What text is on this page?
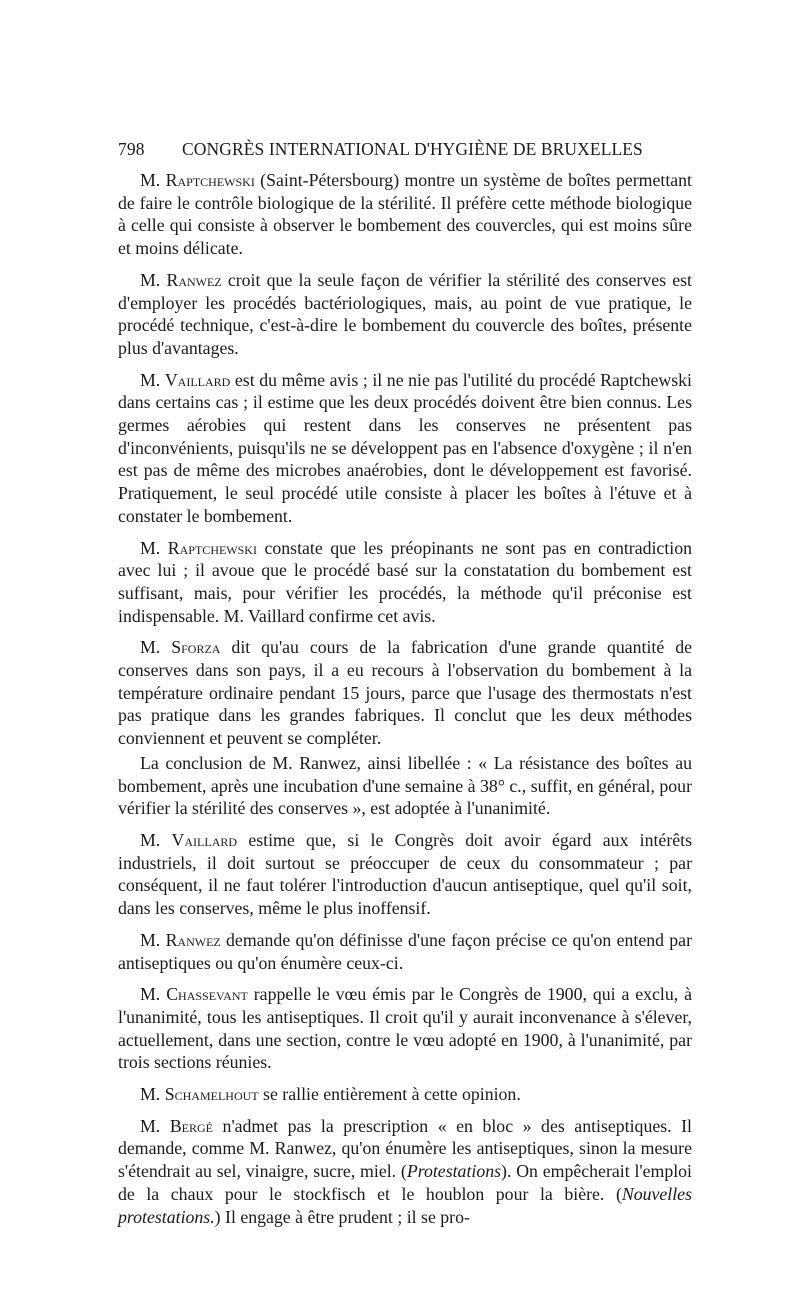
798 CONGRÈS INTERNATIONAL D'HYGIÈNE DE BRUXELLES

M. Raptchewski (Saint-Pétersbourg) montre un système de boîtes permettant de faire le contrôle biologique de la stérilité. Il préfère cette méthode biologique à celle qui consiste à observer le bombement des couvercles, qui est moins sûre et moins délicate.

M. Ranwez croit que la seule façon de vérifier la stérilité des conserves est d'employer les procédés bactériologiques, mais, au point de vue pratique, le procédé technique, c'est-à-dire le bombement du couvercle des boîtes, présente plus d'avantages.

M. Vaillard est du même avis ; il ne nie pas l'utilité du procédé Raptchewski dans certains cas ; il estime que les deux procédés doivent être bien connus. Les germes aérobies qui restent dans les conserves ne présentent pas d'inconvénients, puisqu'ils ne se développent pas en l'absence d'oxygène ; il n'en est pas de même des microbes anaérobies, dont le développement est favorisé. Pratiquement, le seul procédé utile consiste à placer les boîtes à l'étuve et à constater le bombement.

M. Raptchewski constate que les préopinants ne sont pas en contradiction avec lui ; il avoue que le procédé basé sur la constatation du bombement est suffisant, mais, pour vérifier les procédés, la méthode qu'il préconise est indispensable. M. Vaillard confirme cet avis.

M. Sforza dit qu'au cours de la fabrication d'une grande quantité de conserves dans son pays, il a eu recours à l'observation du bombement à la température ordinaire pendant 15 jours, parce que l'usage des thermostats n'est pas pratique dans les grandes fabriques. Il conclut que les deux méthodes conviennent et peuvent se compléter.

La conclusion de M. Ranwez, ainsi libellée : « La résistance des boîtes au bombement, après une incubation d'une semaine à 38° c., suffit, en général, pour vérifier la stérilité des conserves », est adoptée à l'unanimité.

M. Vaillard estime que, si le Congrès doit avoir égard aux intérêts industriels, il doit surtout se préoccuper de ceux du consommateur ; par conséquent, il ne faut tolérer l'introduction d'aucun antiseptique, quel qu'il soit, dans les conserves, même le plus inoffensif.

M. Ranwez demande qu'on définisse d'une façon précise ce qu'on entend par antiseptiques ou qu'on énumère ceux-ci.

M. Chassevant rappelle le vœu émis par le Congrès de 1900, qui a exclu, à l'unanimité, tous les antiseptiques. Il croit qu'il y aurait inconvenance à s'élever, actuellement, dans une section, contre le vœu adopté en 1900, à l'unanimité, par trois sections réunies.

M. Schamelhout se rallie entièrement à cette opinion.

M. Bergé n'admet pas la prescription « en bloc » des antiseptiques. Il demande, comme M. Ranwez, qu'on énumère les antiseptiques, sinon la mesure s'étendrait au sel, vinaigre, sucre, miel. (Protestations). On empêcherait l'emploi de la chaux pour le stockfisch et le houblon pour la bière. (Nouvelles protestations.) Il engage à être prudent ; il se pro-
